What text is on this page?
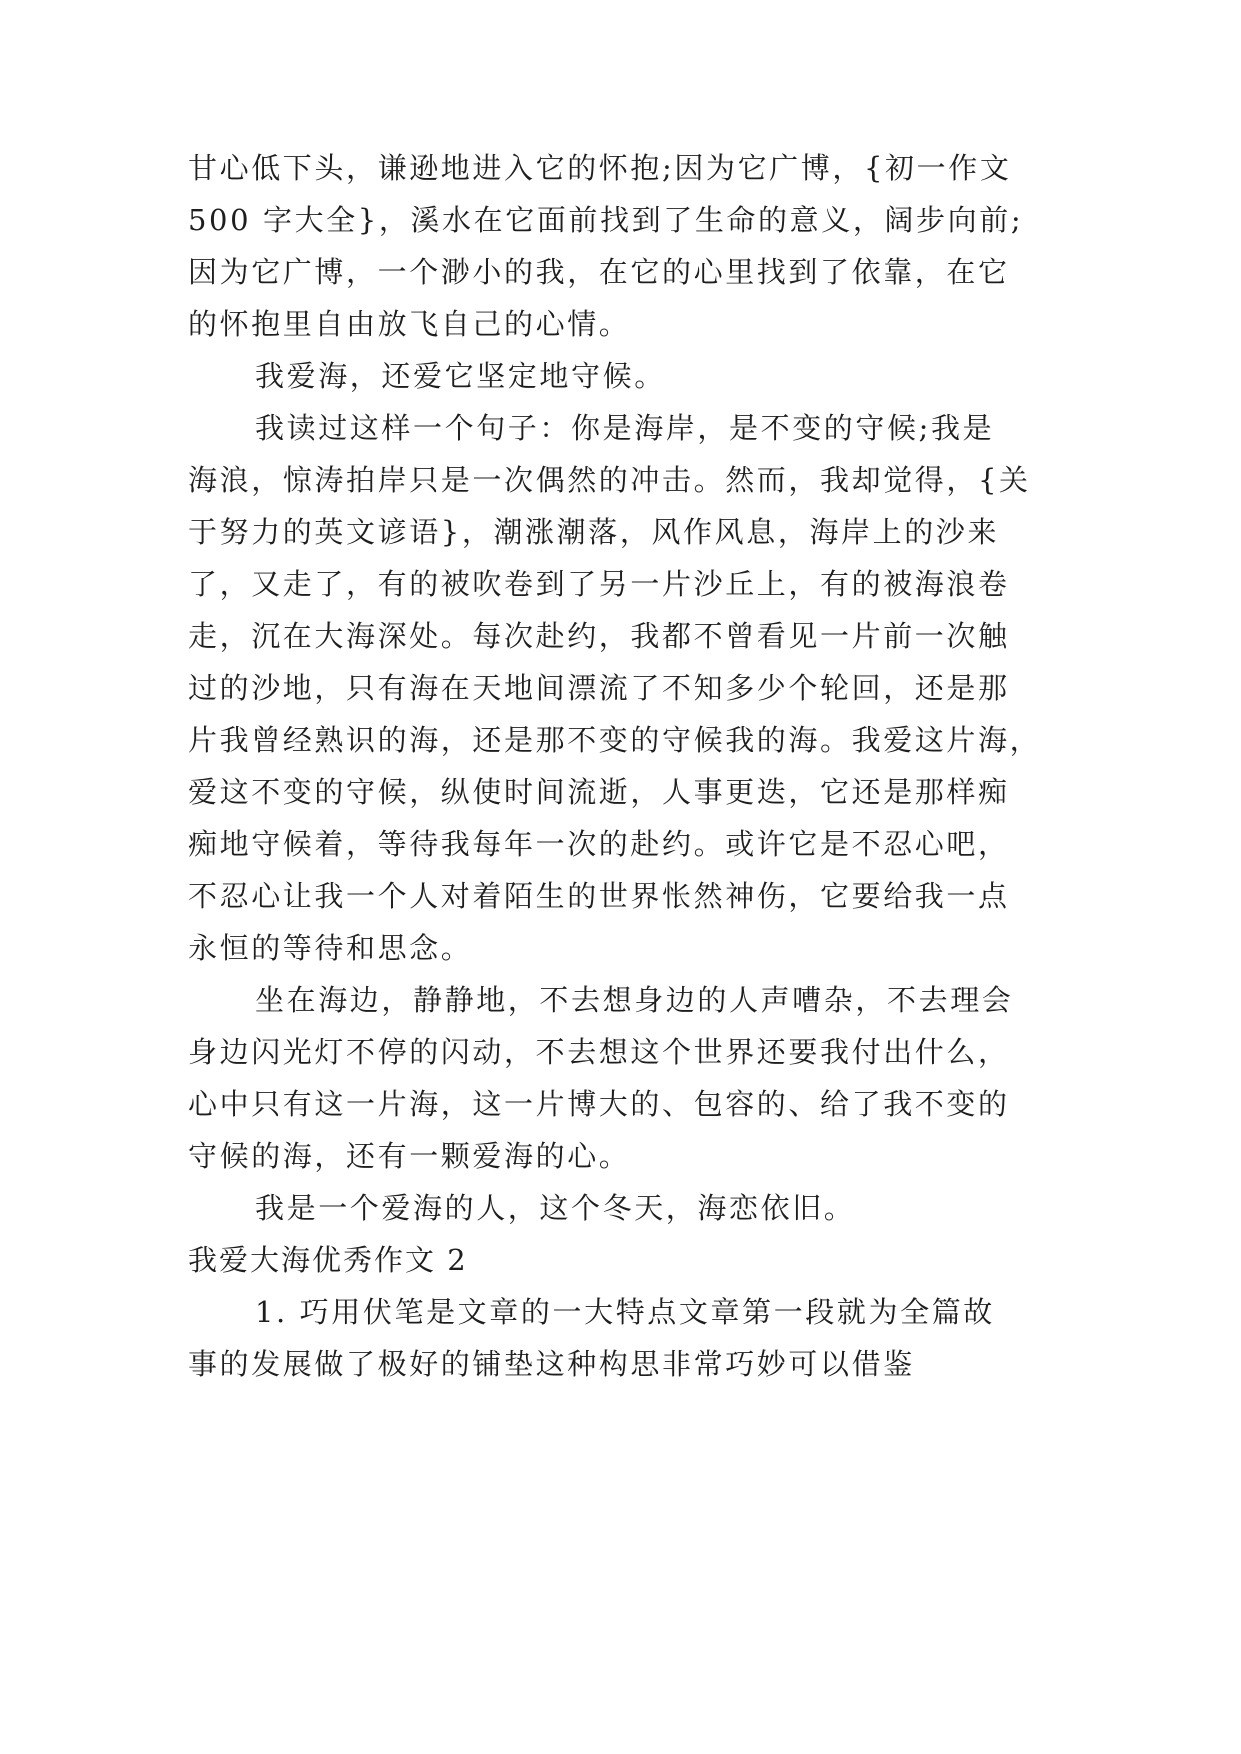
甘心低下头，谦逊地进入它的怀抱;因为它广博，{初一作文
500 字大全}，溪水在它面前找到了生命的意义，阔步向前;
因为它广博，一个渺小的我，在它的心里找到了依靠，在它
的怀抱里自由放飞自己的心情。
我爱海，还爱它坚定地守候。
我读过这样一个句子：你是海岸，是不变的守候;我是
海浪，惊涛拍岸只是一次偶然的冲击。然而，我却觉得，{关
于努力的英文谚语}，潮涨潮落，风作风息，海岸上的沙来
了，又走了，有的被吹卷到了另一片沙丘上，有的被海浪卷
走，沉在大海深处。每次赴约，我都不曾看见一片前一次触
过的沙地，只有海在天地间漂流了不知多少个轮回，还是那
片我曾经熟识的海，还是那不变的守候我的海。我爱这片海，
爱这不变的守候，纵使时间流逝，人事更迭，它还是那样痴
痴地守候着，等待我每年一次的赴约。或许它是不忍心吧，
不忍心让我一个人对着陌生的世界怅然神伤，它要给我一点
永恒的等待和思念。
坐在海边，静静地，不去想身边的人声嘈杂，不去理会
身边闪光灯不停的闪动，不去想这个世界还要我付出什么，
心中只有这一片海，这一片博大的、包容的、给了我不变的
守候的海，还有一颗爱海的心。
我是一个爱海的人，这个冬天，海恋依旧。
我爱大海优秀作文 2
1. 巧用伏笔是文章的一大特点文章第一段就为全篇故
事的发展做了极好的铺垫这种构思非常巧妙可以借鉴
